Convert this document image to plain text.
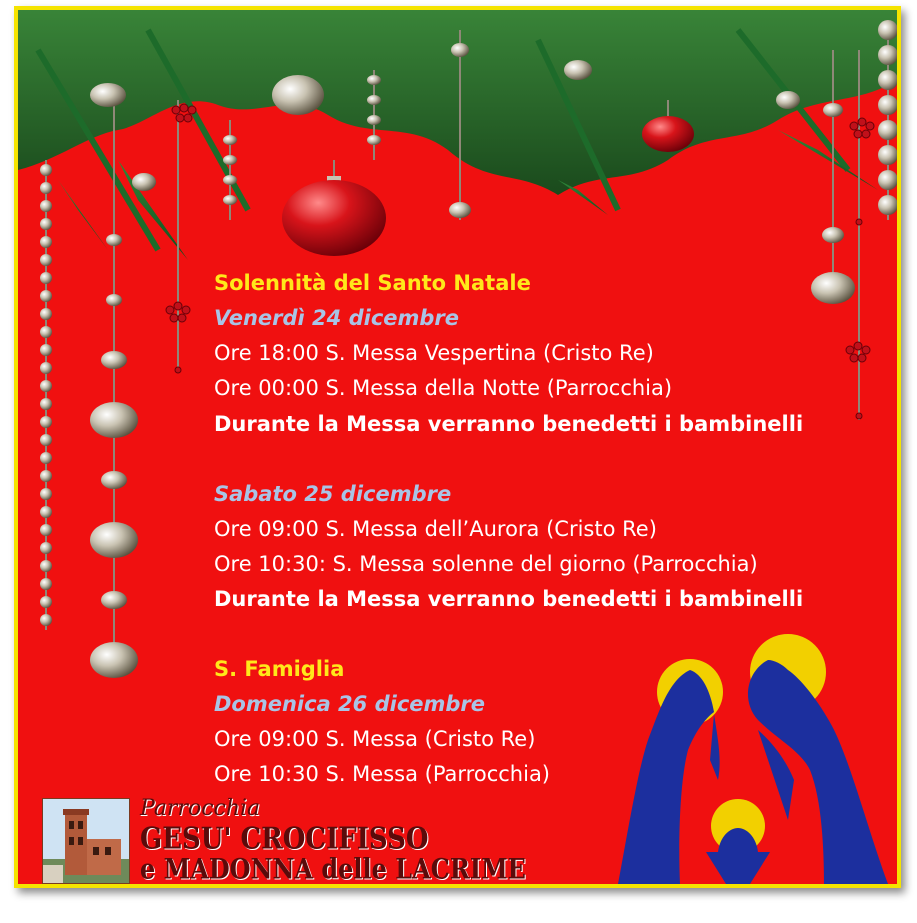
Solennità del Santo Natale
Venerdì 24 dicembre
Ore 18:00 S. Messa Vespertina (Cristo Re)
Ore 00:00 S. Messa della Notte (Parrocchia)
Durante la Messa verranno benedetti i bambinelli
Sabato 25 dicembre
Ore 09:00 S. Messa dell’Aurora (Cristo Re)
Ore 10:30: S. Messa solenne del giorno (Parrocchia)
Durante la Messa verranno benedetti i bambinelli
S. Famiglia
Domenica 26 dicembre
Ore 09:00 S. Messa (Cristo Re)
Ore 10:30 S. Messa (Parrocchia)
Parrocchia
GESU' CROCIFISSO
e MADONNA delle LACRIME
